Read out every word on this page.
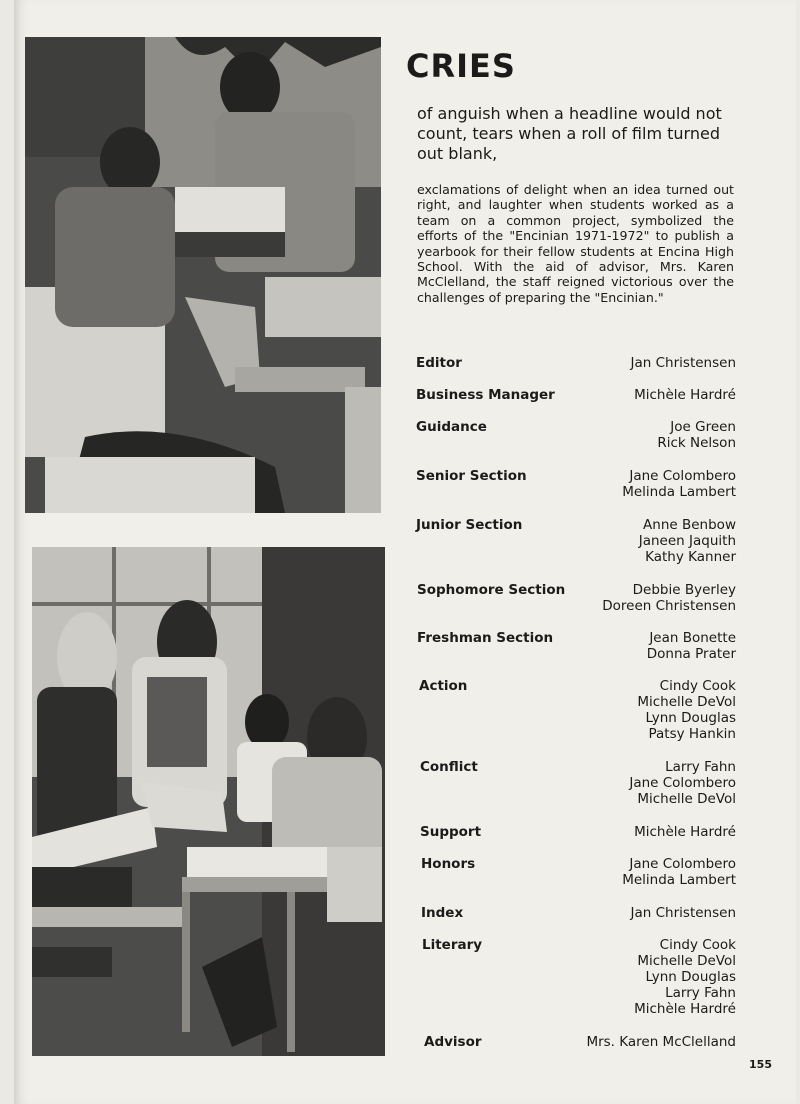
CRIES

of anguish when a headline would not count, tears when a roll of film turned out blank,

exclamations of delight when an idea turned out right, and laughter when students worked as a team on a common project, symbolized the efforts of the "Encinian 1971-1972" to publish a yearbook for their fellow students at Encina High School. With the aid of advisor, Mrs. Karen McClelland, the staff reigned victorious over the challenges of preparing the "Encinian."

Editor	Jan Christensen
Business Manager	Michèle Hardré
Guidance	Joe Green
Rick Nelson
Senior Section	Jane Colombero
Melinda Lambert
Junior Section	Anne Benbow
Janeen Jaquith
Kathy Kanner
Sophomore Section	Debbie Byerley
Doreen Christensen
Freshman Section	Jean Bonette
Donna Prater
Action	Cindy Cook
Michelle DeVol
Lynn Douglas
Patsy Hankin
Conflict	Larry Fahn
Jane Colombero
Michelle DeVol
Support	Michèle Hardré
Honors	Jane Colombero
Melinda Lambert
Index	Jan Christensen
Literary	Cindy Cook
Michelle DeVol
Lynn Douglas
Larry Fahn
Michèle Hardré
Advisor	Mrs. Karen McClelland
155
